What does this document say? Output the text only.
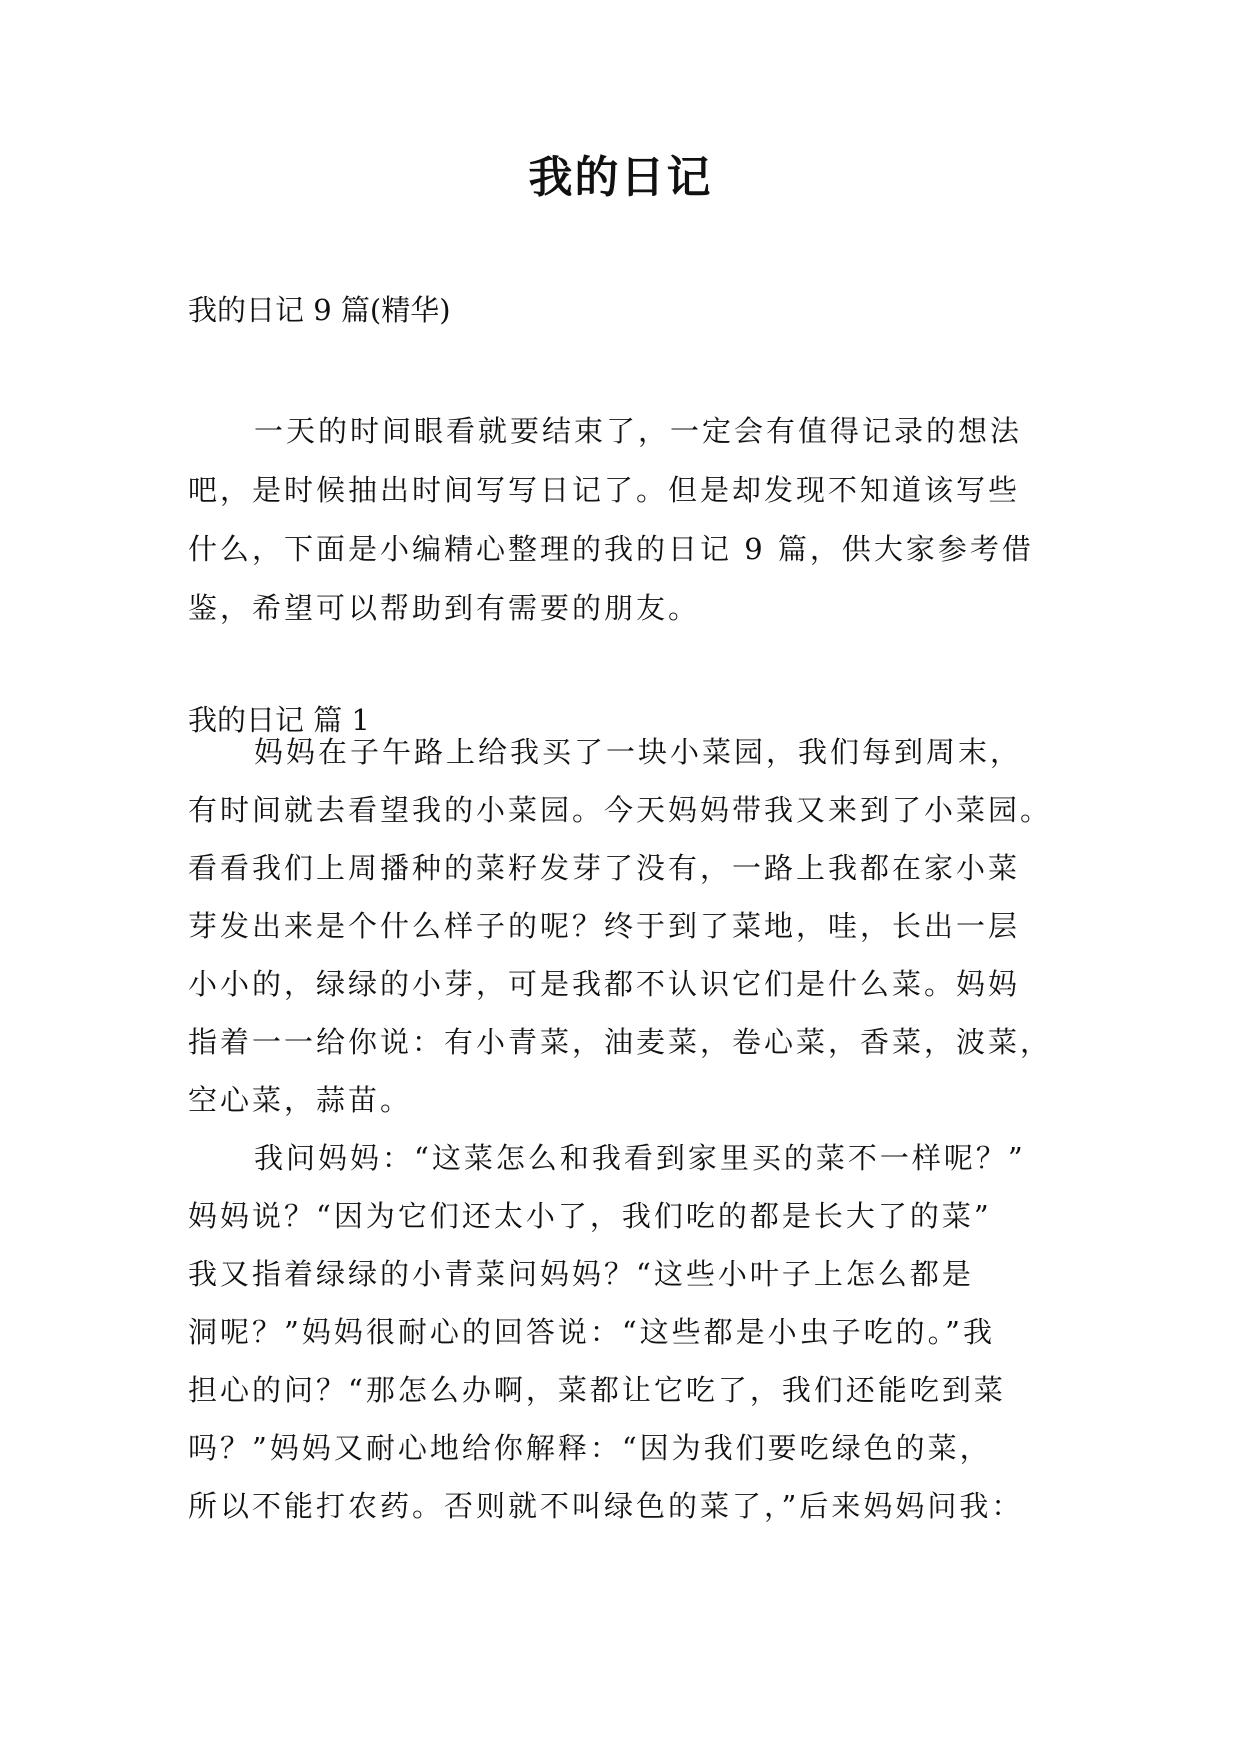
我的日记
我的日记 9 篇(精华)
一天的时间眼看就要结束了，一定会有值得记录的想法
吧，是时候抽出时间写写日记了。但是却发现不知道该写些
什么，下面是小编精心整理的我的日记 9 篇，供大家参考借
鉴，希望可以帮助到有需要的朋友。
我的日记 篇 1
妈妈在子午路上给我买了一块小菜园，我们每到周末，
有时间就去看望我的小菜园。今天妈妈带我又来到了小菜园。
看看我们上周播种的菜籽发芽了没有，一路上我都在家小菜
芽发出来是个什么样子的呢？终于到了菜地，哇，长出一层
小小的，绿绿的小芽，可是我都不认识它们是什么菜。妈妈
指着一一给你说：有小青菜，油麦菜，卷心菜，香菜，波菜，
空心菜，蒜苗。
我问妈妈：“这菜怎么和我看到家里买的菜不一样呢？”
妈妈说？“因为它们还太小了，我们吃的都是长大了的菜”
我又指着绿绿的小青菜问妈妈？“这些小叶子上怎么都是
洞呢？”妈妈很耐心的回答说：“这些都是小虫子吃的。”我
担心的问？“那怎么办啊，菜都让它吃了，我们还能吃到菜
吗？”妈妈又耐心地给你解释：“因为我们要吃绿色的菜，
所以不能打农药。否则就不叫绿色的菜了，”后来妈妈问我：
